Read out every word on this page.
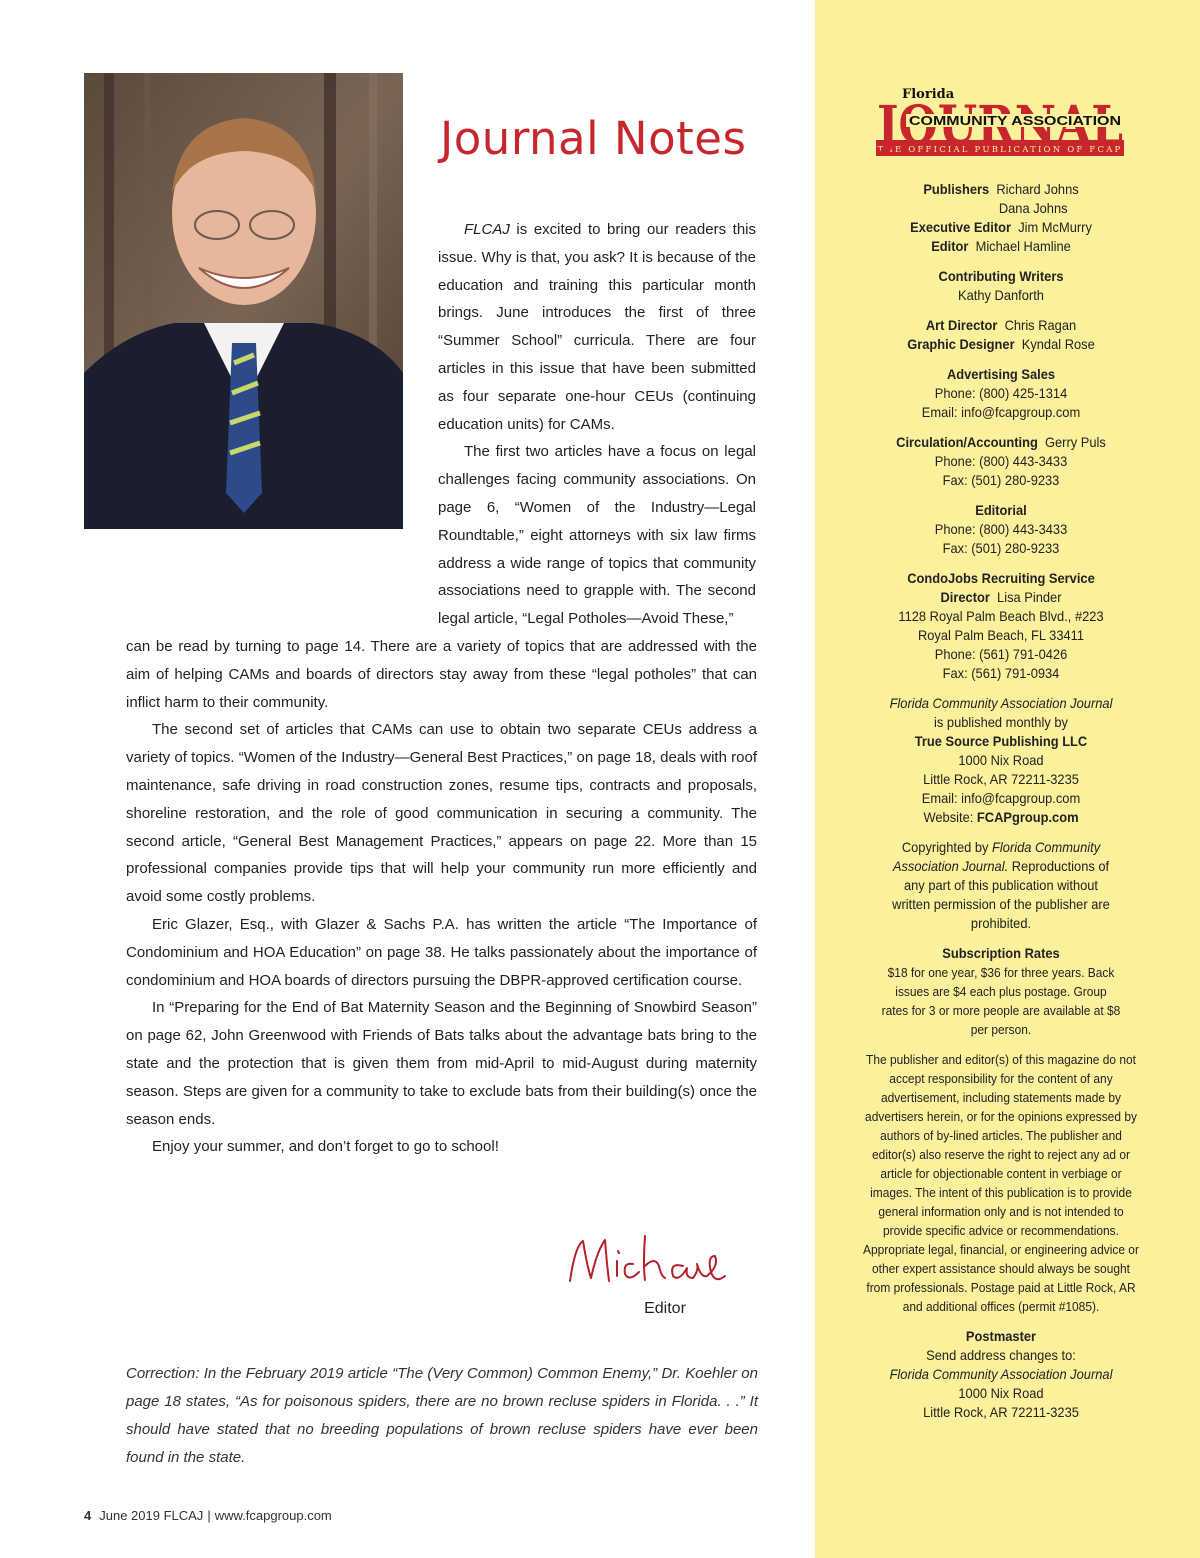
Journal Notes

FLCAJ is excited to bring our readers this issue. Why is that, you ask? It is because of the education and training this particular month brings. June introduces the first of three “Summer School” curricula. There are four articles in this issue that have been submitted as four separate one-hour CEUs (continuing education units) for CAMs.

The first two articles have a focus on legal challenges facing community associations. On page 6, “Women of the Industry—Legal Roundtable,” eight attorneys with six law firms address a wide range of topics that community associations need to grapple with. The second legal article, “Legal Potholes—Avoid These,”

can be read by turning to page 14. There are a variety of topics that are addressed with the aim of helping CAMs and boards of directors stay away from these “legal potholes” that can inflict harm to their community.

The second set of articles that CAMs can use to obtain two separate CEUs address a variety of topics. “Women of the Industry—General Best Practices,” on page 18, deals with roof maintenance, safe driving in road construction zones, resume tips, contracts and proposals, shoreline restoration, and the role of good communication in securing a community. The second article, “General Best Management Practices,” appears on page 22. More than 15 professional companies provide tips that will help your community run more efficiently and avoid some costly problems.

Eric Glazer, Esq., with Glazer & Sachs P.A. has written the article “The Importance of Condominium and HOA Education” on page 38. He talks passionately about the importance of condominium and HOA boards of directors pursuing the DBPR-approved certification course.

In “Preparing for the End of Bat Maternity Season and the Beginning of Snowbird Season” on page 62, John Greenwood with Friends of Bats talks about the advantage bats bring to the state and the protection that is given them from mid-April to mid-August during maternity season. Steps are given for a community to take to exclude bats from their building(s) once the season ends.

Enjoy your summer, and don’t forget to go to school!

Editor
Correction: In the February 2019 article “The (Very Common) Common Enemy,” Dr. Koehler on page 18 states, “As for poisonous spiders, there are no brown recluse spiders in Florida. . .” It should have stated that no breeding populations of brown recluse spiders have ever been found in the state.
4 June 2019 FLCAJ | www.fcapgroup.com
THE OFFICIAL PUBLICATION OF FCAP
COMMUNITY ASSOCIATION
Florida
Publishers Richard Johns
Dana Johns
Executive Editor Jim McMurry
Editor Michael Hamline
Contributing Writers
Kathy Danforth
Art Director Chris Ragan
Graphic Designer Kyndal Rose
Advertising Sales
Phone: (800) 425-1314
Email: info@fcapgroup.com
Circulation/Accounting Gerry Puls
Phone: (800) 443-3433
Fax: (501) 280-9233
Editorial
Phone: (800) 443-3433
Fax: (501) 280-9233
CondoJobs Recruiting Service
Director Lisa Pinder
1128 Royal Palm Beach Blvd., #223
Royal Palm Beach, FL 33411
Phone: (561) 791-0426
Fax: (561) 791-0934
Florida Community Association Journal
is published monthly by
True Source Publishing LLC
1000 Nix Road
Little Rock, AR 72211-3235
Email: info@fcapgroup.com
Website: FCAPgroup.com
Copyrighted by Florida Community Association Journal. Reproductions of any part of this publication without written permission of the publisher are prohibited.
Subscription Rates
$18 for one year, $36 for three years. Back issues are $4 each plus postage. Group rates for 3 or more people are available at $8 per person.
The publisher and editor(s) of this magazine do not accept responsibility for the content of any advertisement, including statements made by advertisers herein, or for the opinions expressed by authors of by-lined articles. The publisher and editor(s) also reserve the right to reject any ad or article for objectionable content in verbiage or images. The intent of this publication is to provide general information only and is not intended to provide specific advice or recommendations. Appropriate legal, financial, or engineering advice or other expert assistance should always be sought from professionals. Postage paid at Little Rock, AR and additional offices (permit #1085).
Postmaster
Send address changes to:
Florida Community Association Journal
1000 Nix Road
Little Rock, AR 72211-3235
